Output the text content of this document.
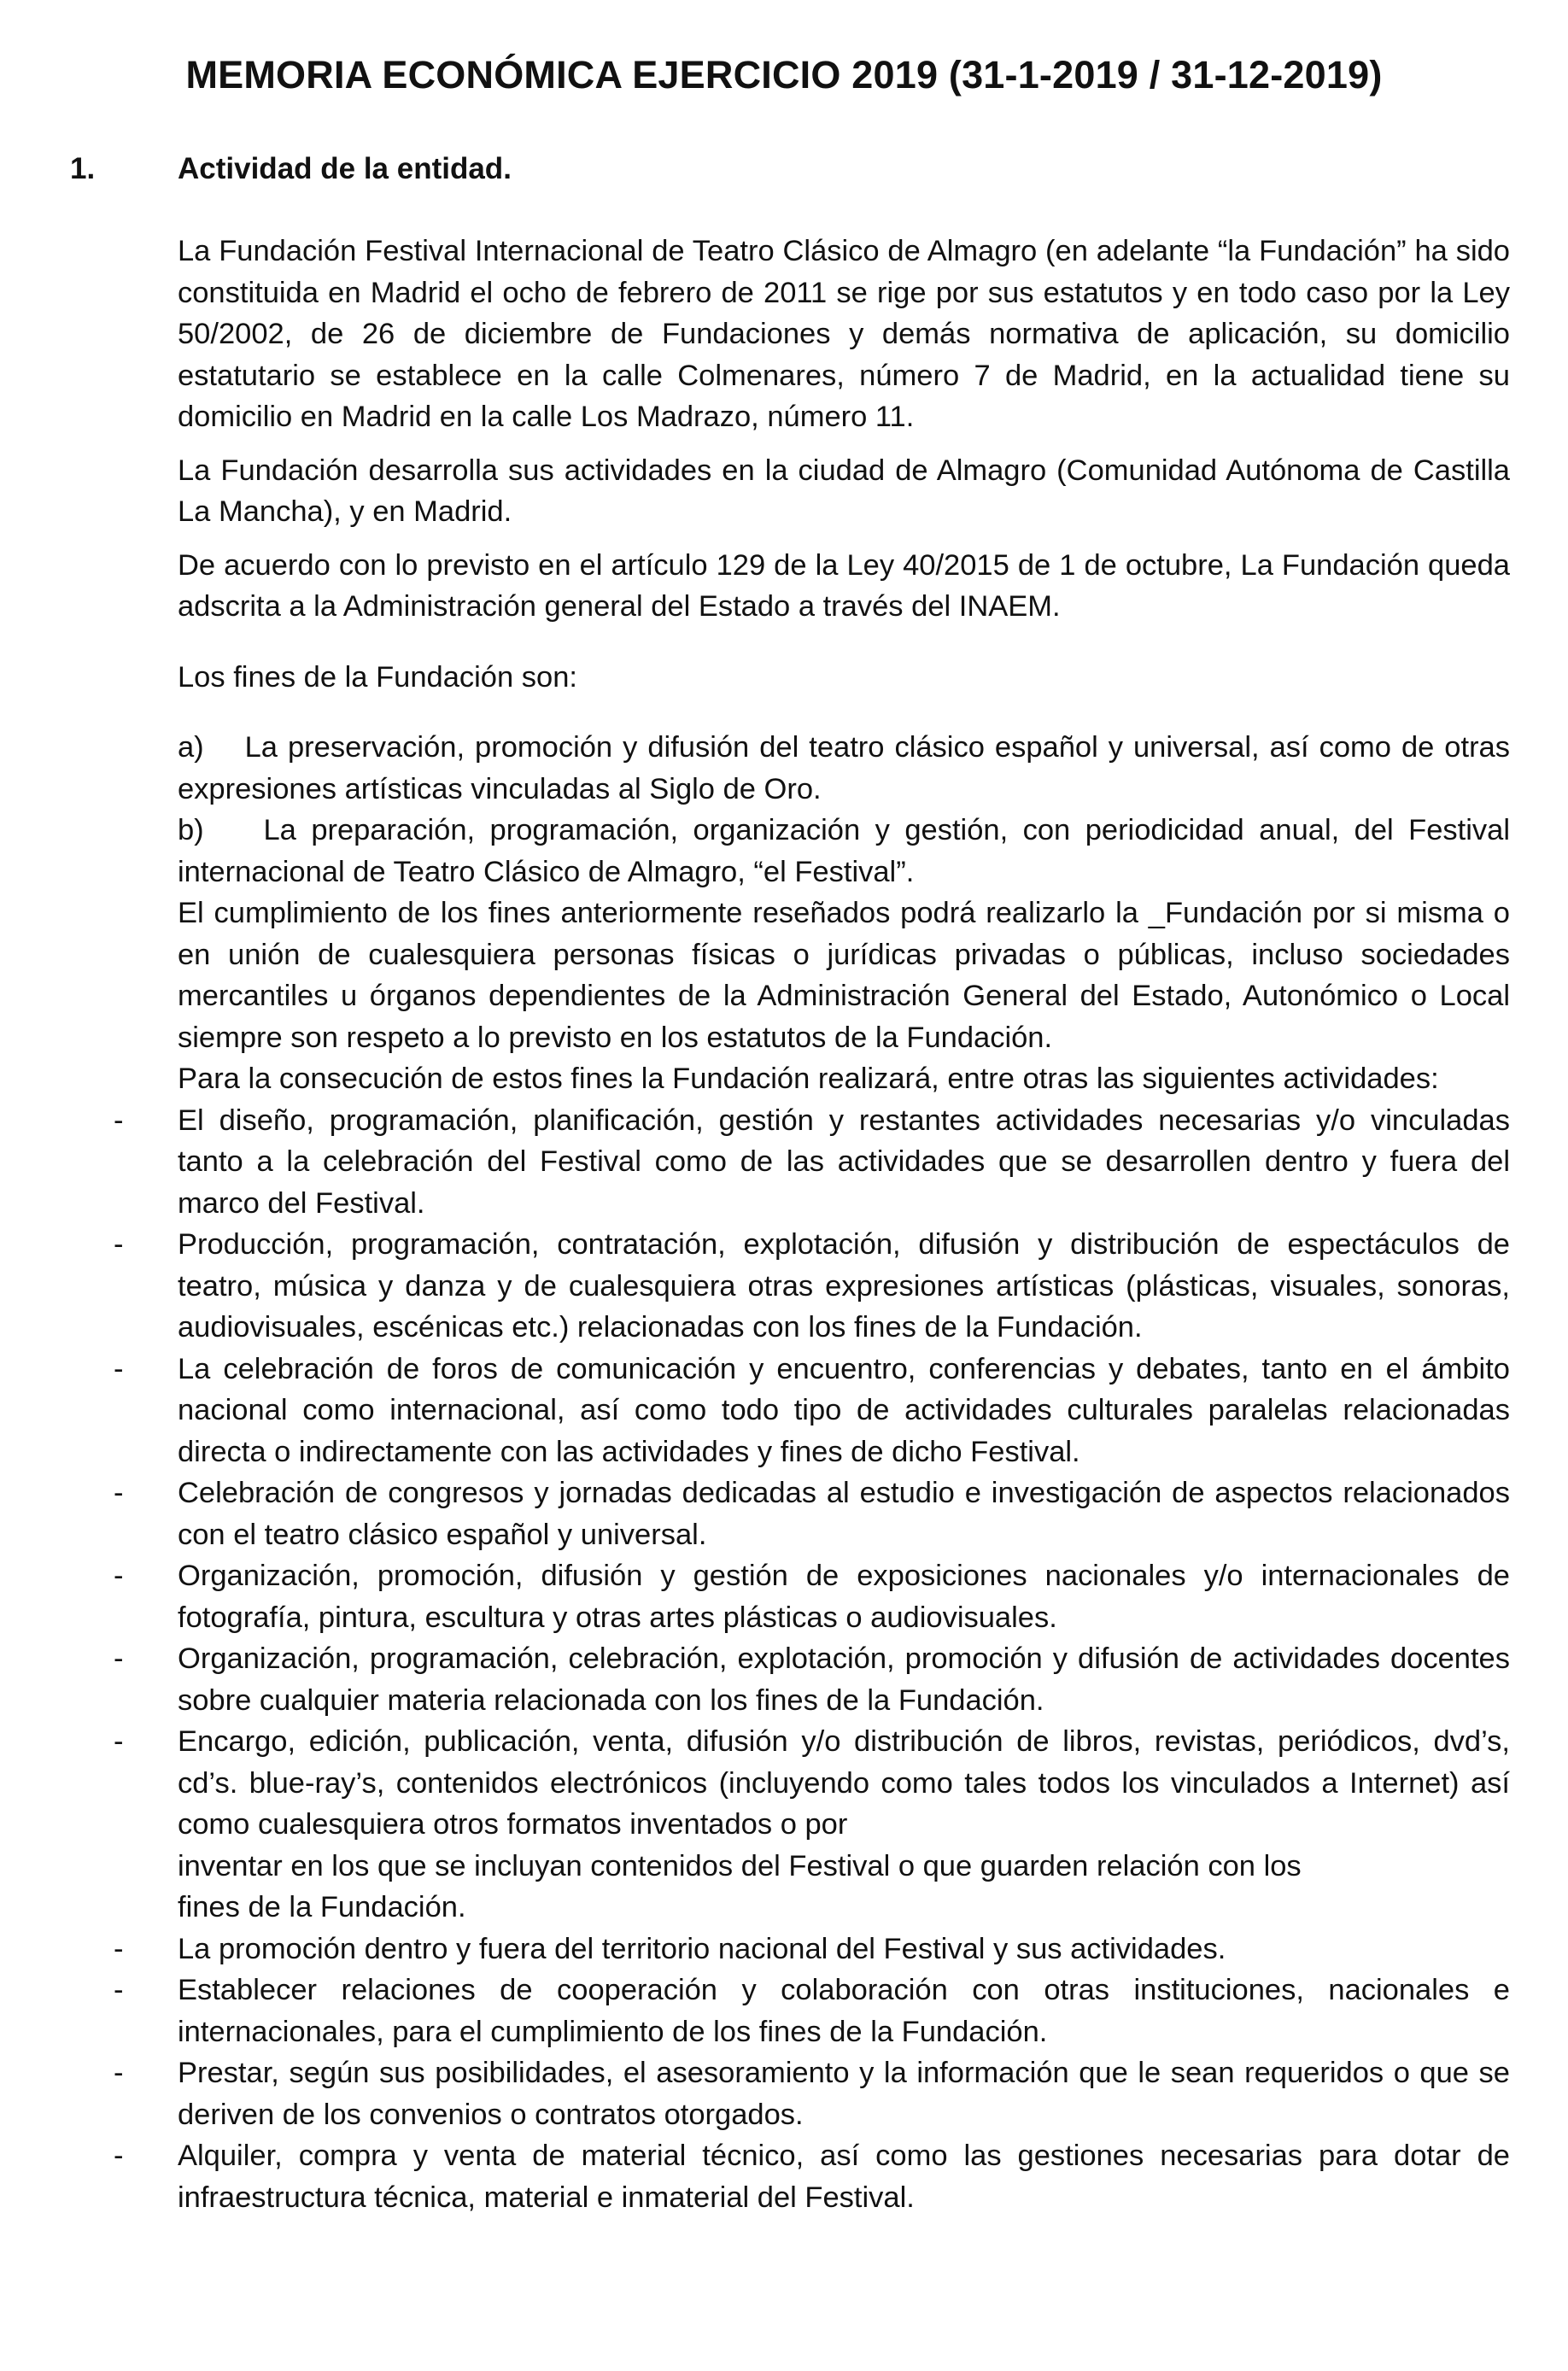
MEMORIA ECONÓMICA EJERCICIO 2019 (31-1-2019 / 31-12-2019)
1.	Actividad de la entidad.

La Fundación Festival Internacional de Teatro Clásico de Almagro (en adelante “la Fundación” ha sido constituida en Madrid el ocho de febrero de 2011 se rige por sus estatutos y en todo caso por la Ley 50/2002, de 26 de diciembre de Fundaciones y demás normativa de aplicación, su domicilio estatutario se establece en la calle Colmenares, número 7 de Madrid, en la actualidad tiene su domicilio en Madrid en la calle Los Madrazo, número 11.

La Fundación desarrolla sus actividades en la ciudad de Almagro (Comunidad Autónoma de Castilla La Mancha), y en Madrid.

De acuerdo con lo previsto en el artículo 129 de la Ley 40/2015 de 1 de octubre, La Fundación queda adscrita a la Administración general del Estado a través del INAEM.

Los fines de la Fundación son:

a)    La preservación, promoción y difusión del teatro clásico español y universal, así como de otras expresiones artísticas vinculadas al Siglo de Oro.

b)    La preparación, programación, organización y gestión, con periodicidad anual, del Festival internacional de Teatro Clásico de Almagro, “el Festival”.

El cumplimiento de los fines anteriormente reseñados podrá realizarlo la _Fundación por si misma o en unión de cualesquiera personas físicas o jurídicas privadas o públicas, incluso sociedades mercantiles u órganos dependientes de la Administración General del Estado, Autonómico o Local siempre son respeto a lo previsto en los estatutos de la Fundación.

Para la consecución de estos fines la Fundación realizará, entre otras las siguientes actividades:

- El diseño, programación, planificación, gestión y restantes actividades necesarias y/o vinculadas tanto a la celebración del Festival como de las actividades que se desarrollen dentro y fuera del marco del Festival.
- Producción, programación, contratación, explotación, difusión y distribución de espectáculos de teatro, música y danza y de cualesquiera otras expresiones artísticas (plásticas, visuales, sonoras, audiovisuales, escénicas etc.) relacionadas con los fines de la Fundación.
- La celebración de foros de comunicación y encuentro, conferencias y debates, tanto en el ámbito nacional como internacional, así como todo tipo de actividades culturales paralelas relacionadas directa o indirectamente con las actividades y fines de dicho Festival.
- Celebración de congresos y jornadas dedicadas al estudio e investigación de aspectos relacionados con el teatro clásico español y universal.
- Organización, promoción, difusión y gestión de exposiciones nacionales y/o internacionales de fotografía, pintura, escultura y otras artes plásticas o audiovisuales.
- Organización, programación, celebración, explotación, promoción y difusión de actividades docentes sobre cualquier materia relacionada con los fines de la Fundación.
- Encargo, edición, publicación, venta, difusión y/o distribución de libros, revistas, periódicos, dvd’s, cd’s. blue-ray’s, contenidos electrónicos (incluyendo como tales todos los vinculados a Internet) así como cualesquiera otros formatos inventados o por
inventar en los que se incluyan contenidos del Festival o que guarden relación con los
fines de la Fundación.
- La promoción dentro y fuera del territorio nacional del Festival y sus actividades.
- Establecer relaciones de cooperación y colaboración con otras instituciones, nacionales e internacionales, para el cumplimiento de los fines de la Fundación.
- Prestar, según sus posibilidades, el asesoramiento y la información que le sean requeridos o que se deriven de los convenios o contratos otorgados.
- Alquiler, compra y venta de material técnico, así como las gestiones necesarias para dotar de infraestructura técnica, material e inmaterial del Festival.
